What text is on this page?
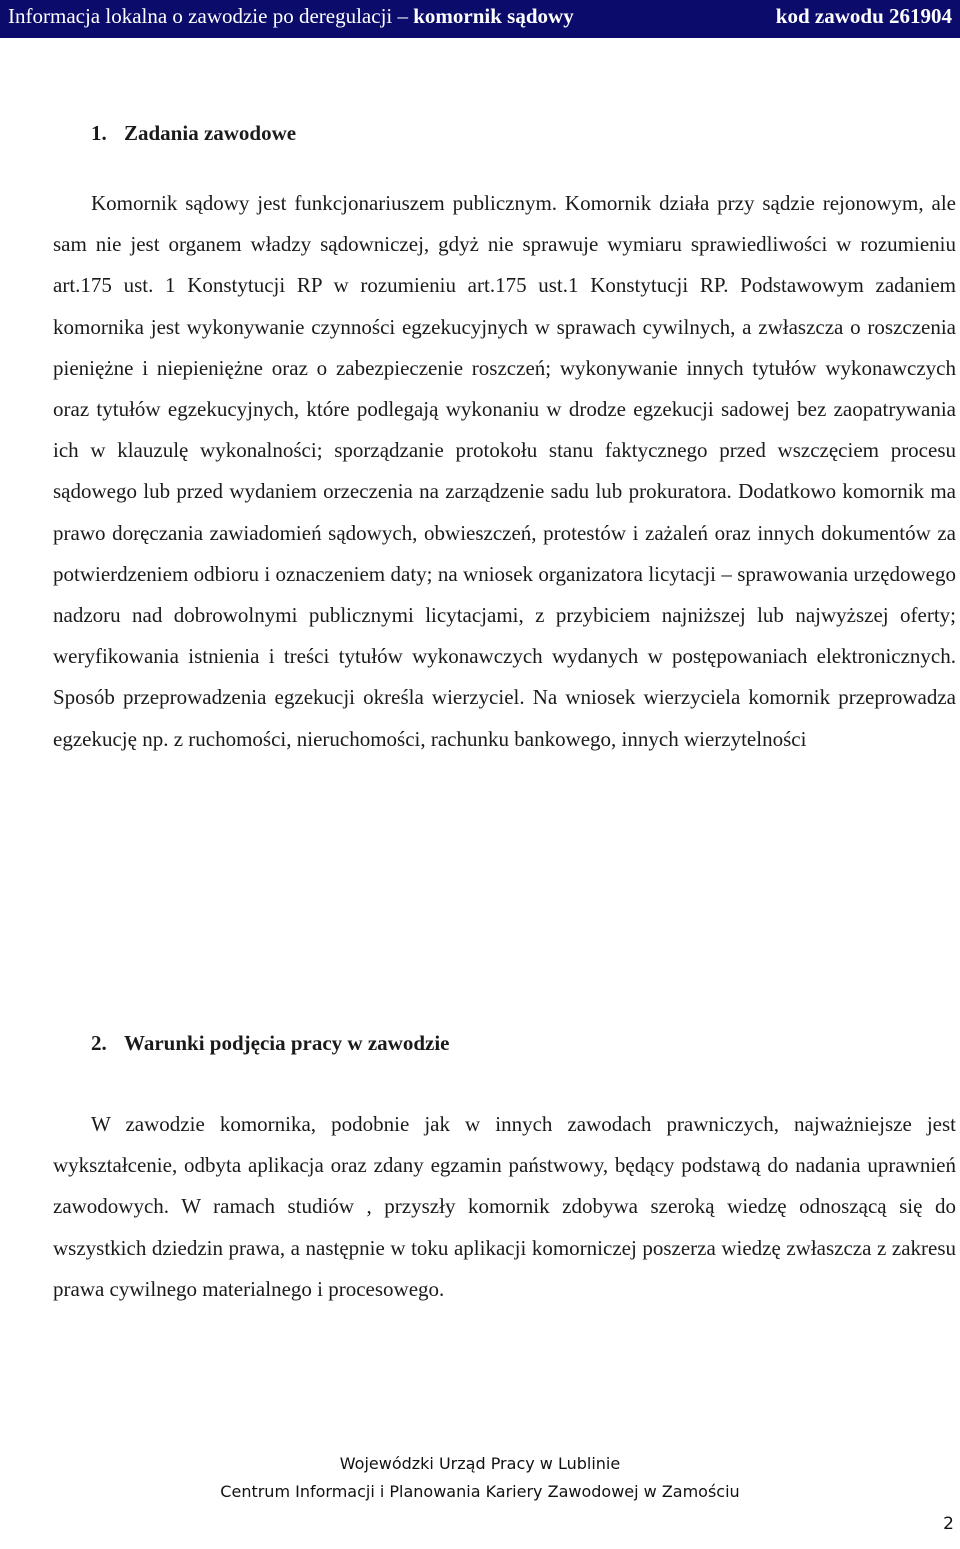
Informacja lokalna o zawodzie po deregulacji – komornik sądowy	kod zawodu 261904
1. Zadania zawodowe

Komornik sądowy jest funkcjonariuszem publicznym. Komornik działa przy sądzie rejonowym, ale sam nie jest organem władzy sądowniczej, gdyż nie sprawuje wymiaru sprawiedliwości w rozumieniu art.175 ust. 1 Konstytucji RP w rozumieniu art.175 ust.1 Konstytucji RP. Podstawowym zadaniem komornika jest wykonywanie czynności egzekucyjnych w sprawach cywilnych, a zwłaszcza o roszczenia pieniężne i niepieniężne oraz o zabezpieczenie roszczeń; wykonywanie innych tytułów wykonawczych oraz tytułów egzekucyjnych, które podlegają wykonaniu w drodze egzekucji sadowej bez zaopatrywania ich w klauzulę wykonalności; sporządzanie protokołu stanu faktycznego przed wszczęciem procesu sądowego lub przed wydaniem orzeczenia na zarządzenie sadu lub prokuratora. Dodatkowo komornik ma prawo doręczania zawiadomień sądowych, obwieszczeń, protestów i zażaleń oraz innych dokumentów za potwierdzeniem odbioru i oznaczeniem daty; na wniosek organizatora licytacji – sprawowania urzędowego nadzoru nad dobrowolnymi publicznymi licytacjami, z przybiciem najniższej lub najwyższej oferty; weryfikowania istnienia i treści tytułów wykonawczych wydanych w postępowaniach elektronicznych. Sposób przeprowadzenia egzekucji określa wierzyciel. Na wniosek wierzyciela komornik przeprowadza egzekucję np. z ruchomości, nieruchomości, rachunku bankowego, innych wierzytelności

2. Warunki podjęcia pracy w zawodzie

W zawodzie komornika, podobnie jak w innych zawodach prawniczych, najważniejsze jest wykształcenie, odbyta aplikacja oraz zdany egzamin państwowy, będący podstawą do nadania uprawnień zawodowych. W ramach studiów , przyszły komornik zdobywa szeroką wiedzę odnoszącą się do wszystkich dziedzin prawa, a następnie w toku aplikacji komorniczej poszerza wiedzę zwłaszcza z zakresu prawa cywilnego materialnego i procesowego.

Wojewódzki Urząd Pracy w Lublinie
Centrum Informacji i Planowania Kariery Zawodowej w Zamościu
2
